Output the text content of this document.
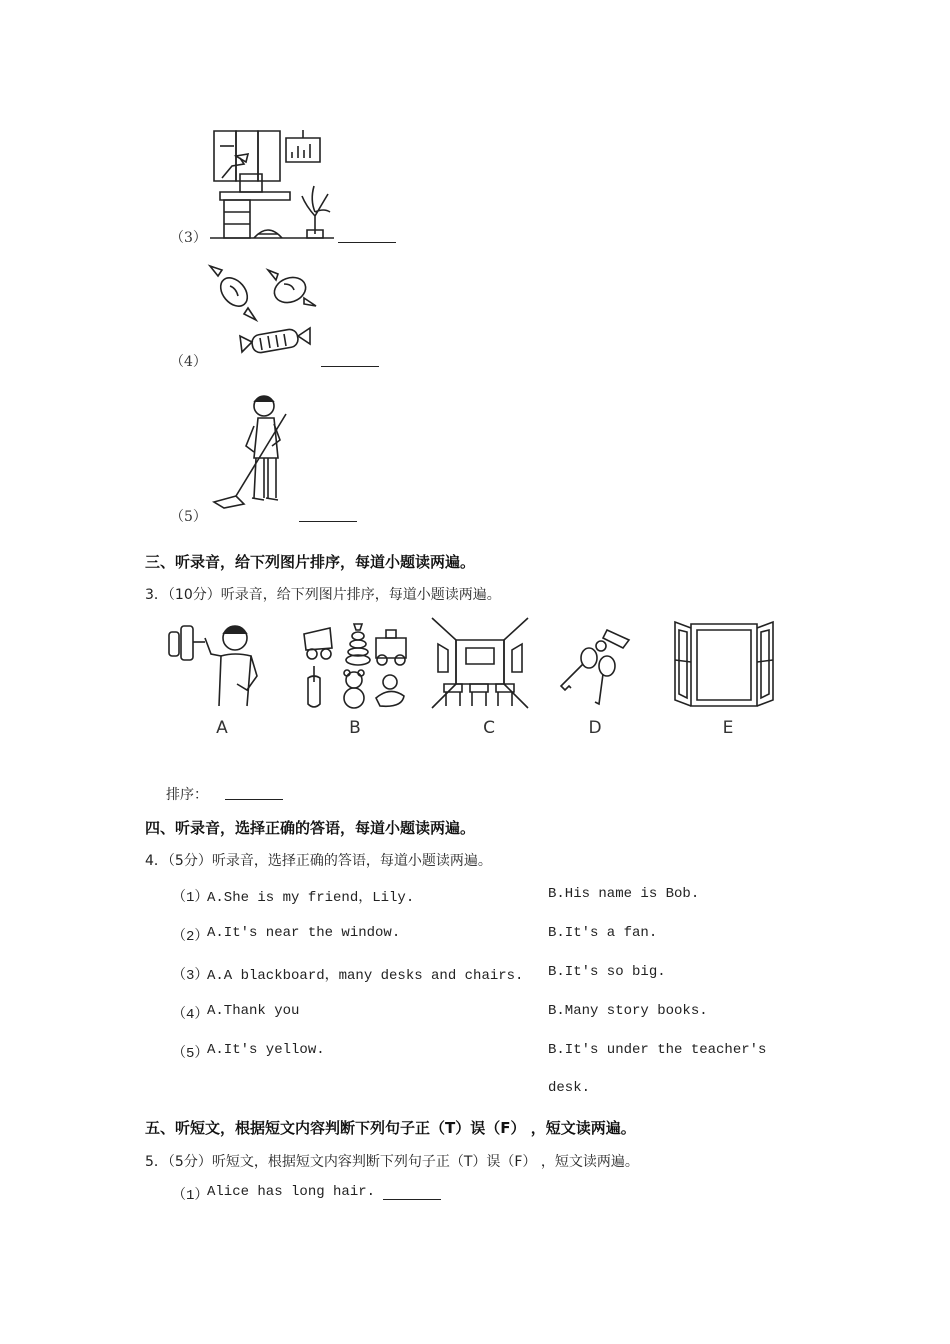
（3）
（4）
（5）
三、听录音，给下列图片排序，每道小题读两遍。
3．（10分）听录音，给下列图片排序，每道小题读两遍。
A	B	C	D	E
排序：
四、听录音，选择正确的答语，每道小题读两遍。
4．（5分）听录音，选择正确的答语，每道小题读两遍。
（1）
A.She is my friend，Lily.	B.His name is Bob.
（2）
A.It's near the window.	B.It's a fan.
（3）
A.A blackboard，many desks and chairs. B.It's so big.
（4）
A.Thank you	B.Many story books.
（5）
A.It's yellow.	B.It's under the teacher's
desk.
五、听短文，根据短文内容判断下列句子正（T）误（F） ，短文读两遍。
5．（5分）听短文，根据短文内容判断下列句子正（T）误（F） ，短文读两遍。
（1）
Alice has long hair.
